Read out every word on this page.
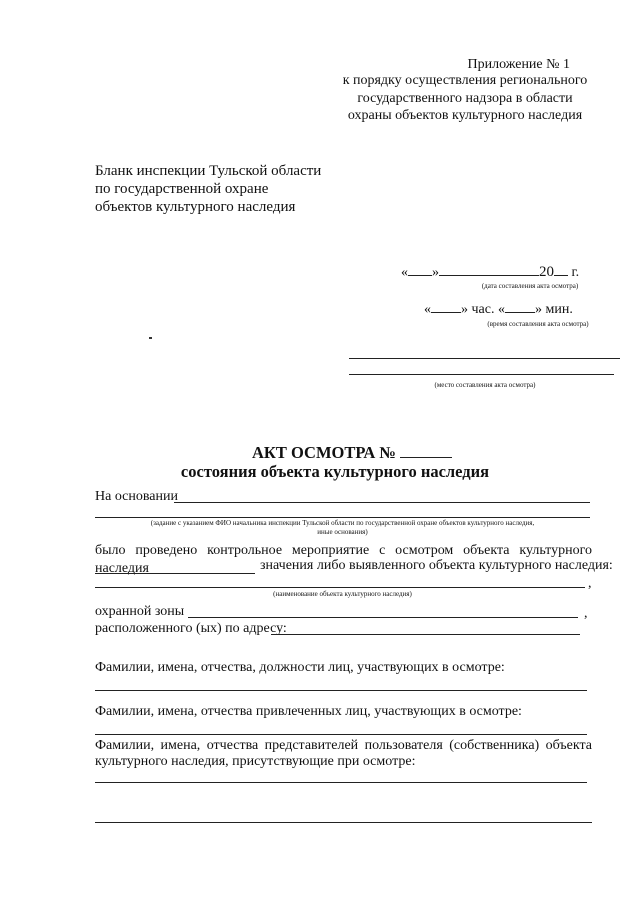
Приложение № 1
к порядку осуществления регионального
государственного надзора в области
охраны объектов культурного наследия
Бланк инспекции Тульской области
по государственной охране
объектов культурного наследия
« »	20 г.
(дата составления акта осмотра)
« » час. « » мин.
(время составления акта осмотра)
(место составления акта осмотра)
АКТ ОСМОТРА №
состояния объекта культурного наследия
На основании
(задание с указанием ФИО начальника инспекции Тульской области по государственной охране объектов культурного наследия,
иные основания)
было проведено контрольное мероприятие с осмотром объекта культурного наследия	значения либо выявленного объекта культурного наследия:
,
(наименование объекта культурного наследия)
охранной зоны	,
расположенного (ых) по адресу:
Фамилии, имена, отчества, должности лиц, участвующих в осмотре:
Фамилии, имена, отчества привлеченных лиц, участвующих в осмотре:
Фамилии, имена, отчества представителей пользователя (собственника) объекта
культурного наследия, присутствующие при осмотре:
